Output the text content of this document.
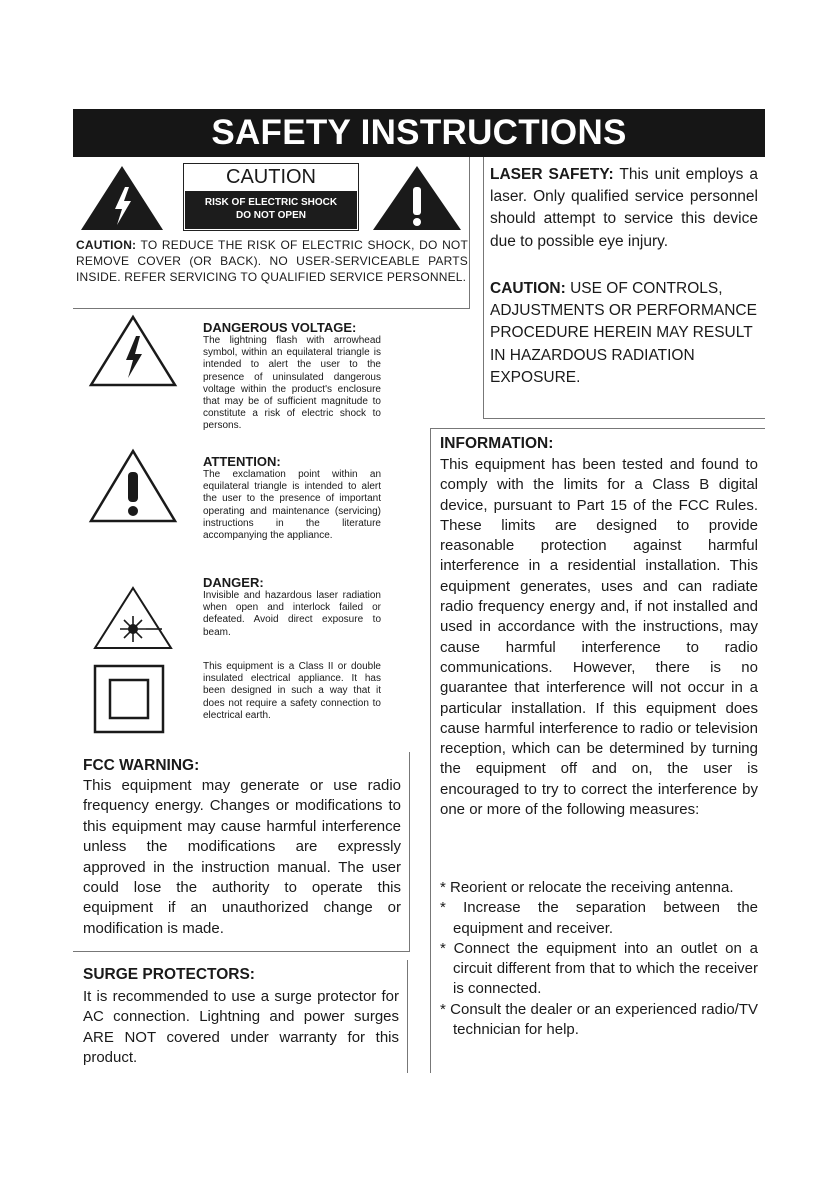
SAFETY INSTRUCTIONS
CAUTION
RISK OF ELECTRIC SHOCK
DO NOT OPEN
CAUTION: TO REDUCE THE RISK OF ELECTRIC SHOCK, DO NOT REMOVE COVER (OR BACK). NO USER-SERVICEABLE PARTS INSIDE. REFER SERVICING TO QUALIFIED SERVICE PERSONNEL.
LASER SAFETY: This unit employs a laser. Only qualified service personnel should attempt to service this device due to possible eye injury.
CAUTION: USE OF CONTROLS, ADJUSTMENTS OR PERFORMANCE PROCEDURE HEREIN MAY RESULT IN HAZARDOUS RADIATION EXPOSURE.
DANGEROUS VOLTAGE:
The lightning flash with arrowhead symbol, within an equilateral triangle is intended to alert the user to the presence of uninsulated dangerous voltage within the product's enclosure that may be of sufficient magnitude to constitute a risk of electric shock to persons.
ATTENTION:
The exclamation point within an equilateral triangle is intended to alert the user to the presence of important operating and maintenance (servicing) instructions in the literature accompanying the appliance.
DANGER:
Invisible and hazardous laser radiation when open and interlock failed or defeated. Avoid direct exposure to beam.
This equipment is a Class II or double insulated electrical appliance. It has been designed in such a way that it does not require a safety connection to electrical earth.
INFORMATION:
This equipment has been tested and found to comply with the limits for a Class B digital device, pursuant to Part 15 of the FCC Rules. These limits are designed to provide reasonable protection against harmful interference in a residential installation. This equipment generates, uses and can radiate radio frequency energy and, if not installed and used in accordance with the instructions, may cause harmful interference to radio communications. However, there is no guarantee that interference will not occur in a particular installation. If this equipment does cause harmful interference to radio or television reception, which can be determined by turning the equipment off and on, the user is encouraged to try to correct the interference by one or more of the following measures:
* Reorient or relocate the receiving antenna.
* Increase the separation between the equipment and receiver.
* Connect the equipment into an outlet on a circuit different from that to which the receiver is connected.
* Consult the dealer or an experienced radio/TV technician for help.
FCC WARNING:
This equipment may generate or use radio frequency energy. Changes or modifications to this equipment may cause harmful interference unless the modifications are expressly approved in the instruction manual. The user could lose the authority to operate this equipment if an unauthorized change or modification is made.
SURGE PROTECTORS:
It is recommended to use a surge protector for AC connection. Lightning and power surges ARE NOT covered under warranty for this product.
